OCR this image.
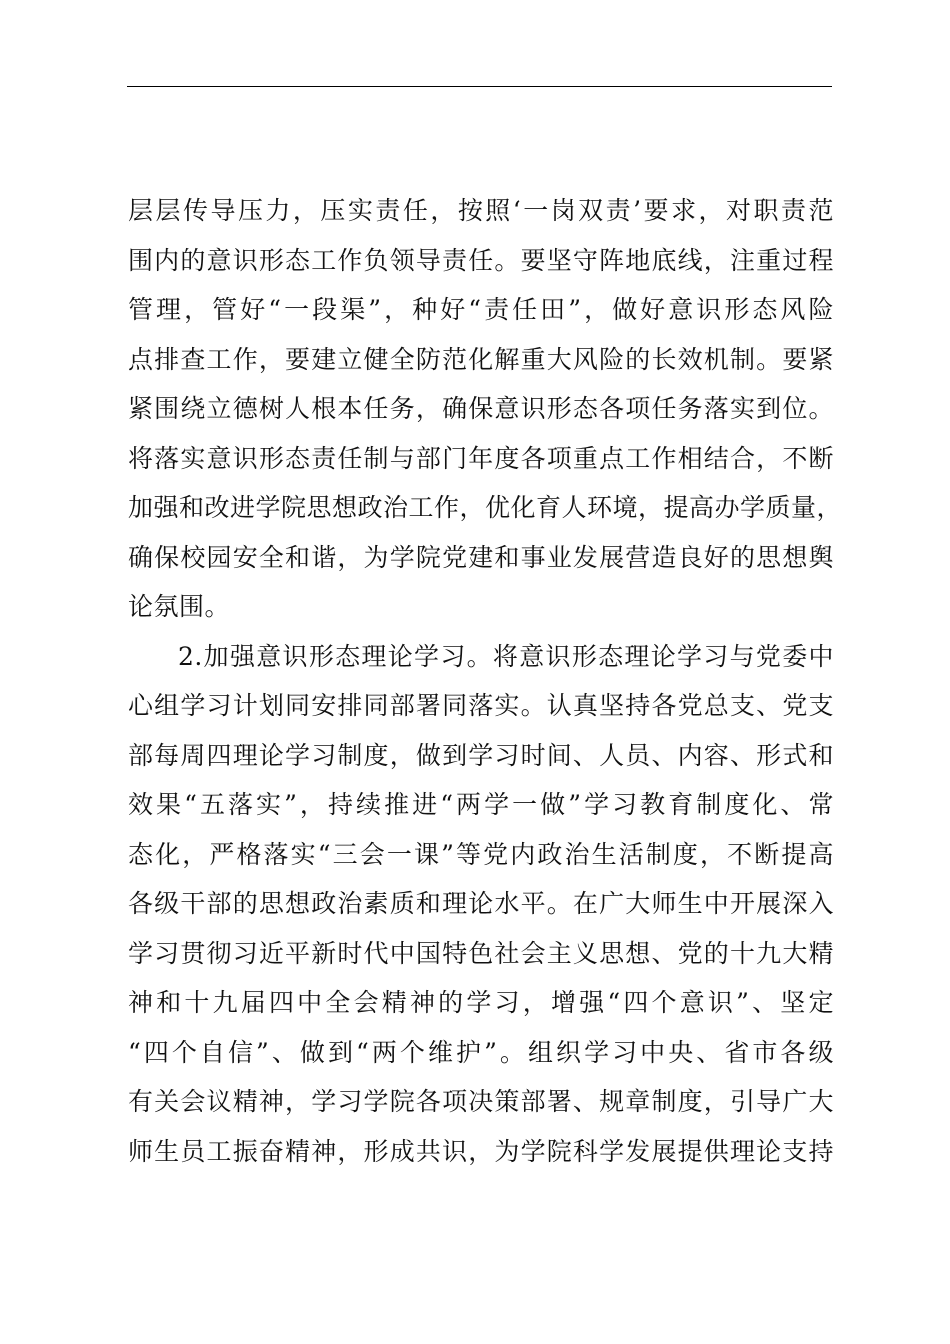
层层传导压力，压实责任，按照‘一岗双责’要求，对职责范
围内的意识形态工作负领导责任。要坚守阵地底线，注重过程
管理，管好“一段渠”，种好“责任田”，做好意识形态风险
点排查工作，要建立健全防范化解重大风险的长效机制。要紧
紧围绕立德树人根本任务，确保意识形态各项任务落实到位。
将落实意识形态责任制与部门年度各项重点工作相结合，不断
加强和改进学院思想政治工作，优化育人环境，提高办学质量，
确保校园安全和谐，为学院党建和事业发展营造良好的思想舆
论氛围。
2.加强意识形态理论学习。将意识形态理论学习与党委中
心组学习计划同安排同部署同落实。认真坚持各党总支、党支
部每周四理论学习制度，做到学习时间、人员、内容、形式和
效果“五落实”，持续推进“两学一做”学习教育制度化、常
态化，严格落实“三会一课”等党内政治生活制度，不断提高
各级干部的思想政治素质和理论水平。在广大师生中开展深入
学习贯彻习近平新时代中国特色社会主义思想、党的十九大精
神和十九届四中全会精神的学习，增强“四个意识”、坚定
“四个自信”、做到“两个维护”。组织学习中央、省市各级
有关会议精神，学习学院各项决策部署、规章制度，引导广大
师生员工振奋精神，形成共识，为学院科学发展提供理论支持
